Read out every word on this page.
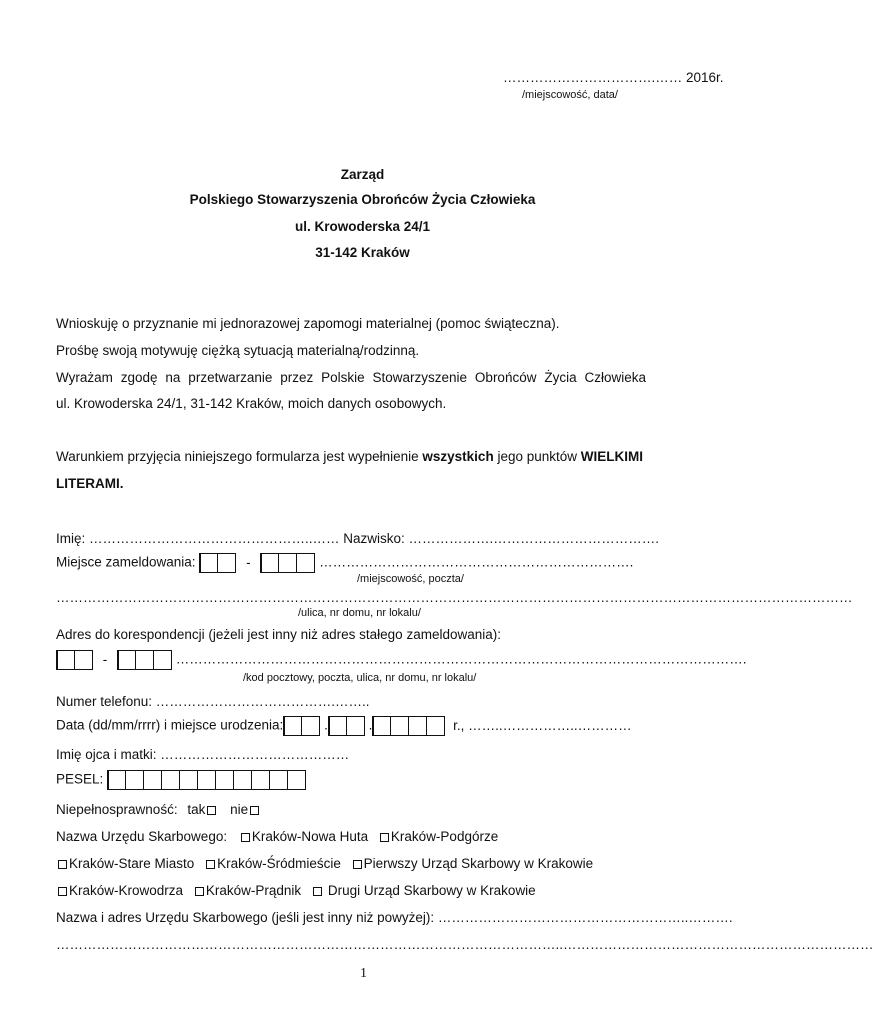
…………………………….…… 2016r.
/miejscowość, data/
Zarząd
Polskiego Stowarzyszenia Obrońców Życia Człowieka
ul. Krowoderska 24/1
31-142 Kraków
Wnioskuję o przyznanie mi jednorazowej zapomogi materialnej (pomoc świąteczna).
Prośbę swoją motywuję ciężką sytuacją materialną/rodzinną.
Wyrażam zgodę na przetwarzanie przez Polskie Stowarzyszenie Obrońców Życia Człowieka
ul. Krowoderska 24/1, 31-142 Kraków, moich danych osobowych.
Warunkiem przyjęcia niniejszego formularza jest wypełnienie wszystkich jego punktów WIELKIMI
LITERAMI.
Imię: …………………………………………..…… Nazwisko: ……………….……………………………….
Miejsce zameldowania:	-	…………………………………………………………….
/miejscowość, poczta/
……………………………………………………………………………………………………………………………………………………………
/ulica, nr domu, nr lokalu/
Adres do korespondencji (jeżeli jest inny niż adres stałego zameldowania):
-	……………………………………………………………………………………………………………….
/kod pocztowy, poczta, ulica, nr domu, nr lokalu/
Numer telefonu: ………………………………….……..
Data (dd/mm/rrrr) i miejsce urodzenia:	.	.	r., ……..……………..…………
Imię ojca i matki: ……………………………………
PESEL:
Niepełnosprawność: tak nie
Nazwa Urzędu Skarbowego: Kraków-Nowa Huta Kraków-Podgórze
Kraków-Stare Miasto Kraków-Śródmieście Pierwszy Urząd Skarbowy w Krakowie
Kraków-Krowodrza Kraków-Prądnik Drugi Urząd Skarbowy w Krakowie
Nazwa i adres Urzędu Skarbowego (jeśli jest inny niż powyżej): ………………………………………………..……….
…………………………………………………………………………………………………..……………………………………………………………
1
